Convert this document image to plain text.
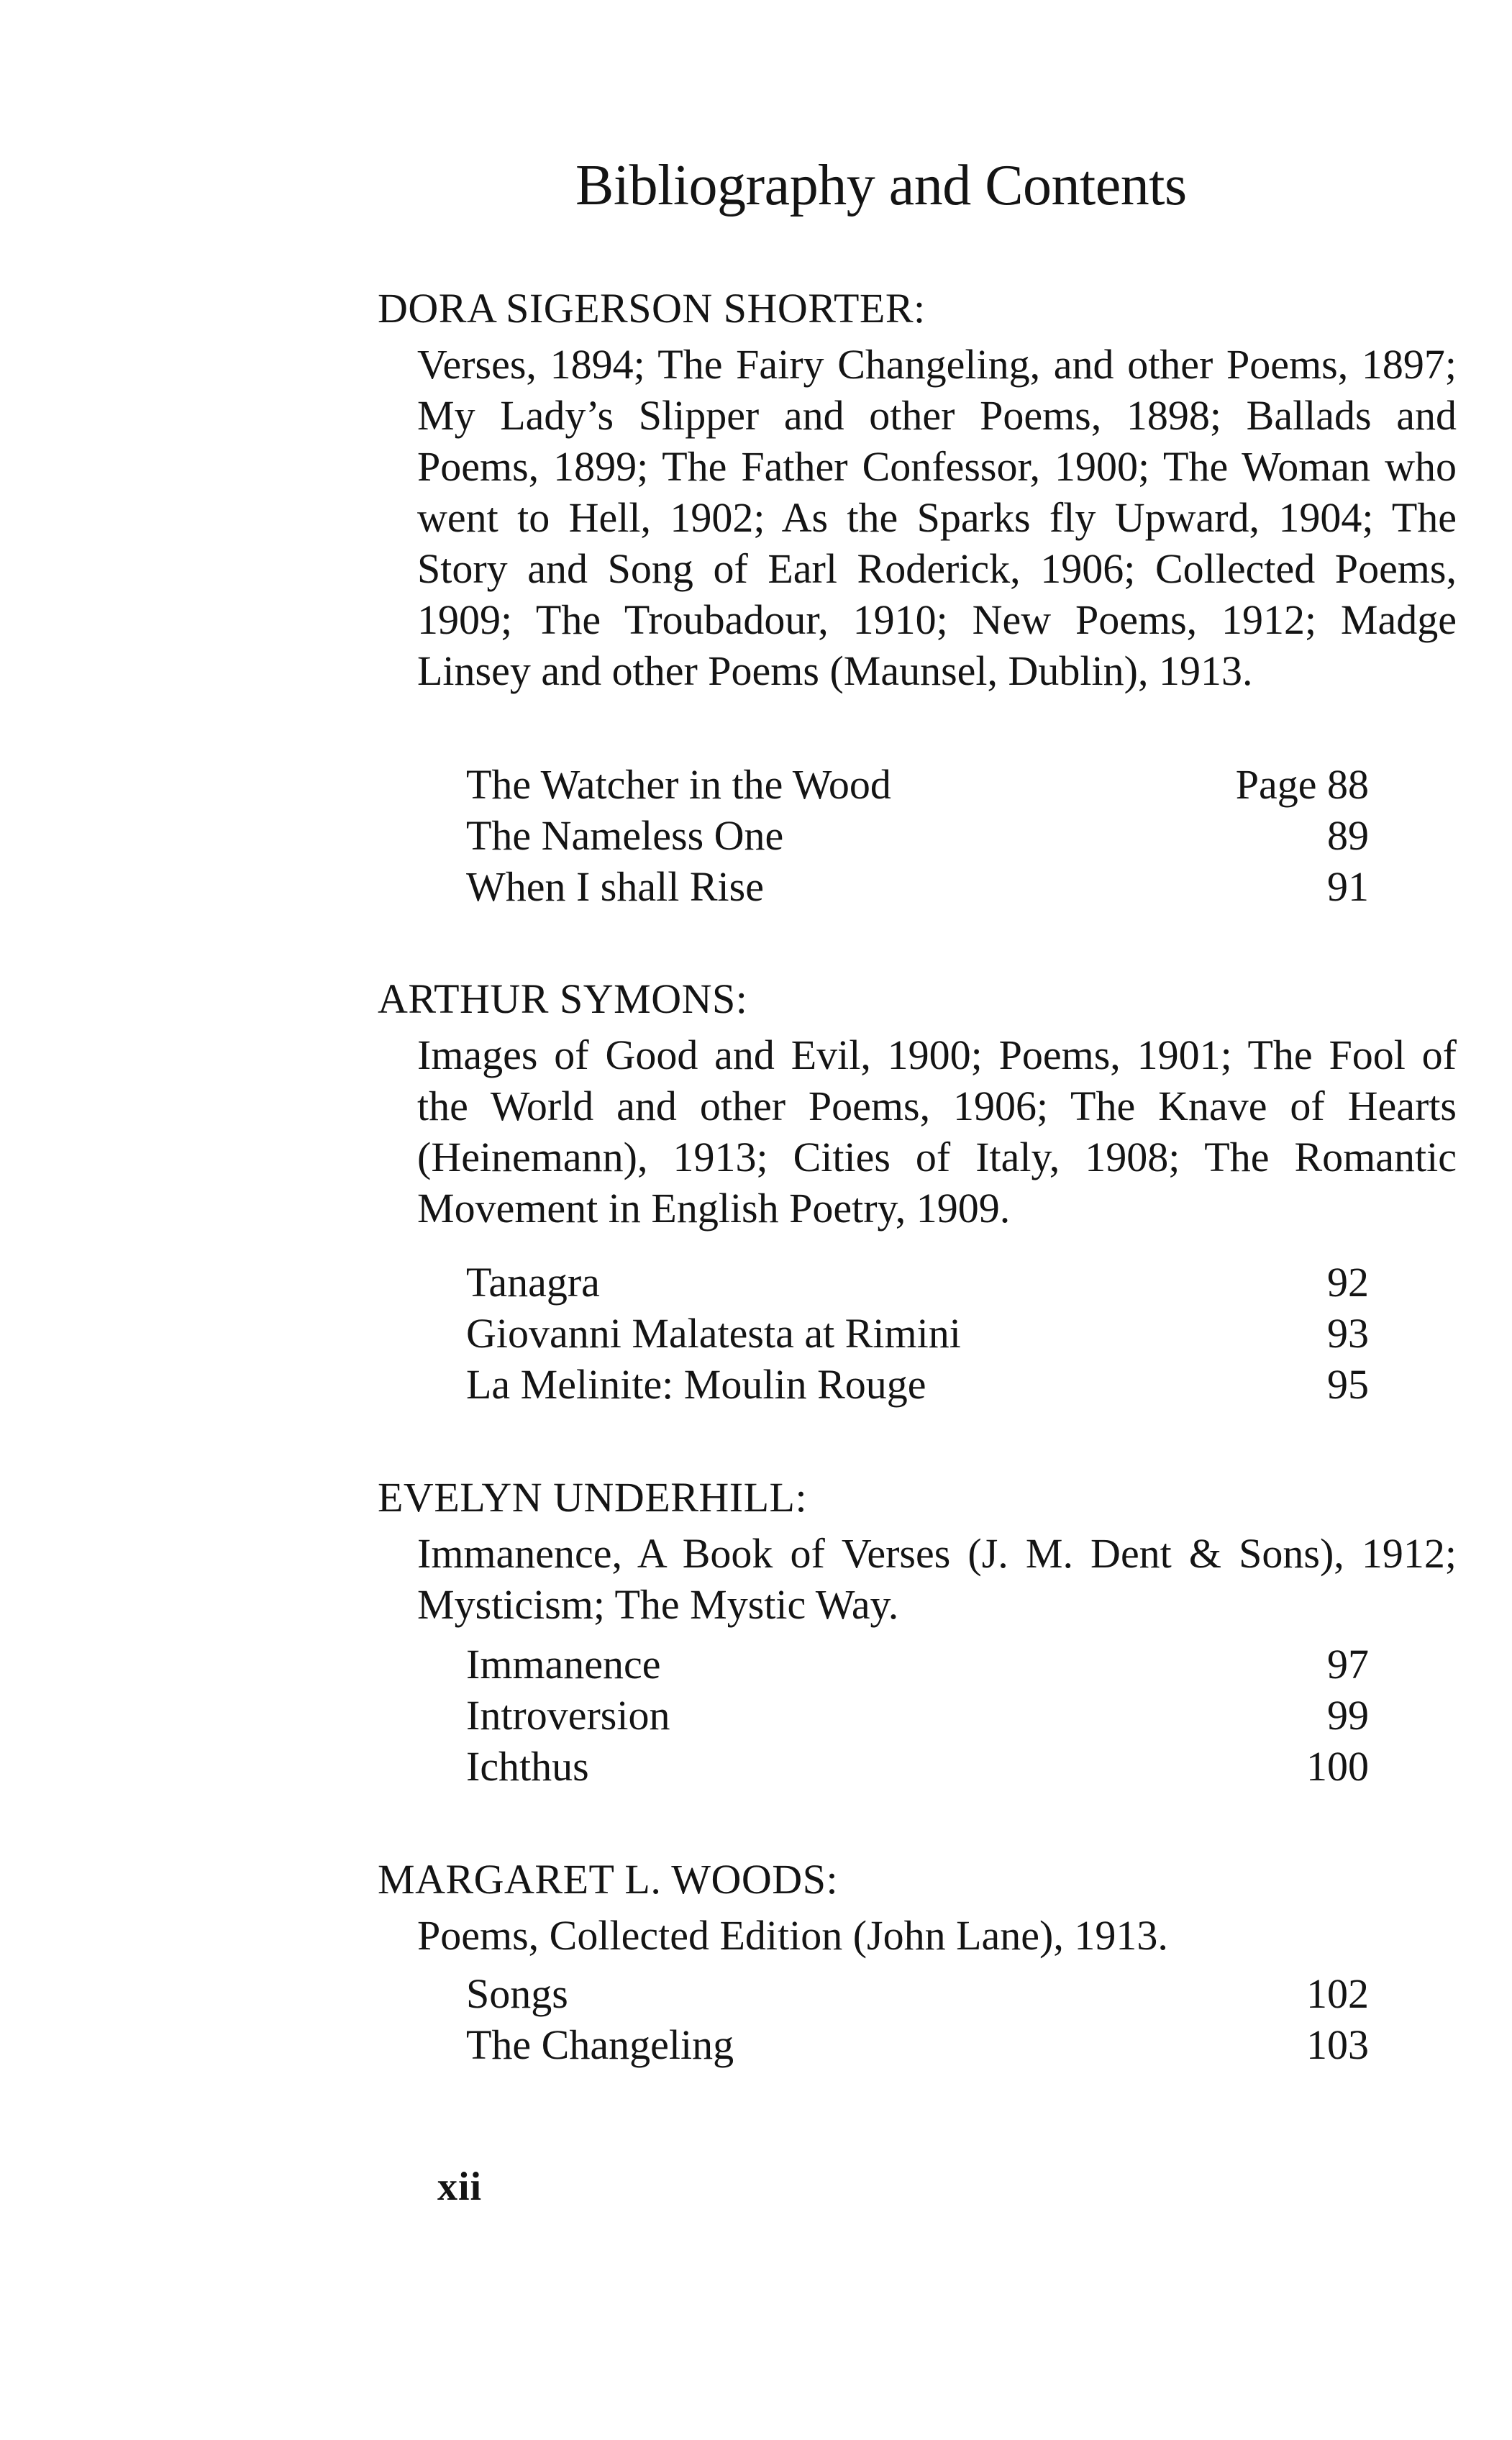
Bibliography and Contents
DORA SIGERSON SHORTER:

Verses, 1894; The Fairy Changeling, and other Poems, 1897; My Lady’s Slipper and other Poems, 1898; Ballads and Poems, 1899; The Father Confessor, 1900; The Woman who went to Hell, 1902; As the Sparks fly Upward, 1904; The Story and Song of Earl Roderick, 1906; Collected Poems, 1909; The Troubadour, 1910; New Poems, 1912; Madge Linsey and other Poems (Maunsel, Dublin), 1913.

The Watcher in the Wood	Page 88
The Nameless One	89
When I shall Rise	91
ARTHUR SYMONS:

Images of Good and Evil, 1900; Poems, 1901; The Fool of the World and other Poems, 1906; The Knave of Hearts (Heinemann), 1913; Cities of Italy, 1908; The Romantic Movement in English Poetry, 1909.

Tanagra	92
Giovanni Malatesta at Rimini	93
La Melinite: Moulin Rouge	95
EVELYN UNDERHILL:

Immanence, A Book of Verses (J. M. Dent & Sons), 1912; Mysticism; The Mystic Way.

Immanence	97
Introversion	99
Ichthus	100
MARGARET L. WOODS:

Poems, Collected Edition (John Lane), 1913.

Songs	102
The Changeling	103
xii
